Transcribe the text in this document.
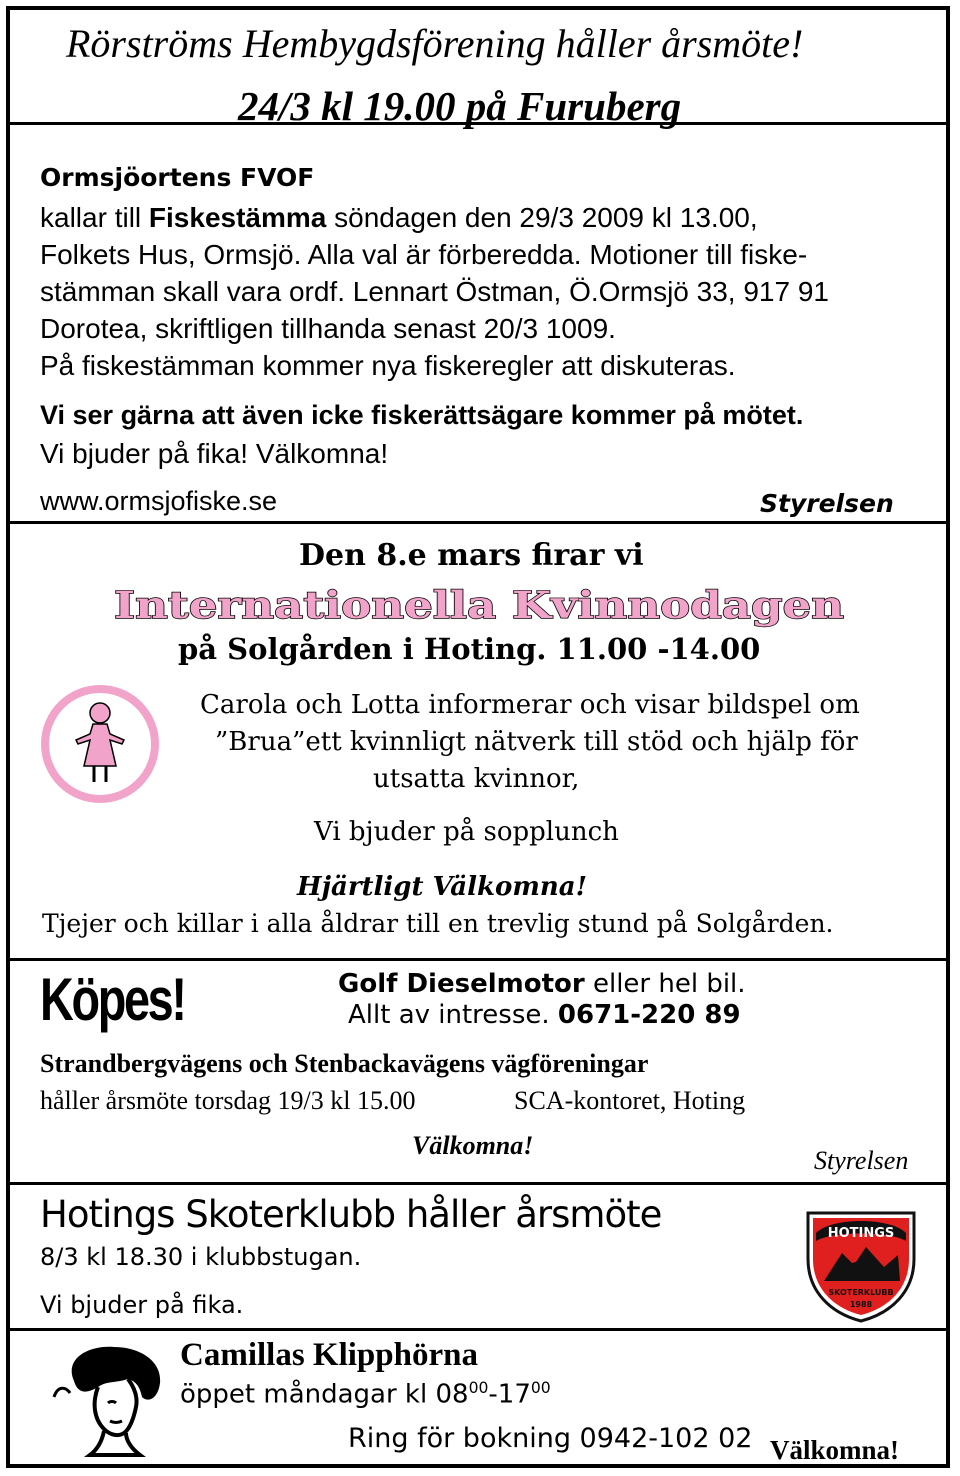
Rörströms Hembygdsförening håller årsmöte!
24/3 kl 19.00 på Furuberg
Ormsjöortens FVOF
kallar till Fiskestämma söndagen den 29/3 2009 kl 13.00,
Folkets Hus, Ormsjö. Alla val är förberedda. Motioner till fiske-
stämman skall vara ordf. Lennart Östman, Ö.Ormsjö 33, 917 91
Dorotea, skriftligen tillhanda senast 20/3 1009.
På fiskestämman kommer nya fiskeregler att diskuteras.
Vi ser gärna att även icke fiskerättsägare kommer på mötet.
Vi bjuder på fika! Välkomna!
www.ormsjofiske.se	Styrelsen
Den 8.e mars firar vi
Internationella Kvinnodagen
på Solgården i Hoting. 11.00 -14.00
Carola och Lotta informerar och visar bildspel om
”Brua”ett kvinnligt nätverk till stöd och hjälp för
utsatta kvinnor,
Vi bjuder på sopplunch
Hjärtligt Välkomna!
Tjejer och killar i alla åldrar till en trevlig stund på Solgården.
Köpes!	Golf Dieselmotor eller hel bil.
Allt av intresse. 0671-220 89
Strandbergvägens och Stenbackavägens vägföreningar
håller årsmöte torsdag 19/3 kl 15.00	SCA-kontoret, Hoting
Välkomna!
Styrelsen
Hotings Skoterklubb håller årsmöte
8/3 kl 18.30 i klubbstugan.
Vi bjuder på fika.
HOTINGS
SKOTERKLUBB
1988
Camillas Klipphörna
öppet måndagar kl $08^{00}-17^{00}$
Ring för bokning 0942-102 02 Välkomna!
